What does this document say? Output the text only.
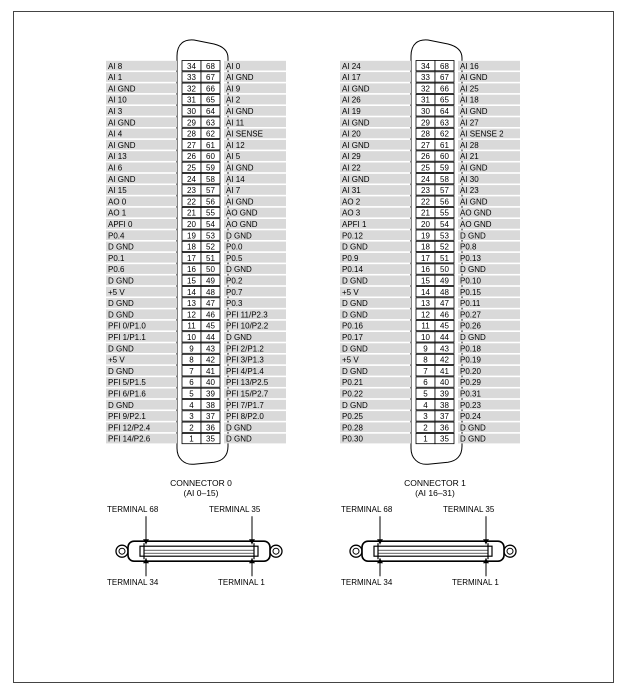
AI 8	34 68 AI 0
AI 1	33 67 AI GND
AI GND	32 66 AI 9
AI 10	31 65 AI 2
AI 3	30 64 AI GND
AI GND	29 63 AI 11
AI 4	28 62 AI SENSE
AI GND	27 61 AI 12
AI 13	26 60 AI 5
AI 6	25 59 AI GND
AI GND	24 58 AI 14
AI 15	23 57 AI 7
AO 0	22 56 AI GND
AO 1	21 55 AO GND
APFI 0	20 54 AO GND
P0.4	19 53 D GND
D GND	18 52 P0.0
P0.1	17 51 P0.5
P0.6	16 50 D GND
D GND	15 49 P0.2
+5 V	14 48 P0.7
D GND	13 47 P0.3
D GND	12 46 PFI 11/P2.3
PFI 0/P1.0	11 45 PFI 10/P2.2
PFI 1/P1.1	10 44 D GND
D GND	9 43 PFI 2/P1.2
+5 V	8 42 PFI 3/P1.3
D GND	7 41 PFI 4/P1.4
PFI 5/P1.5	6 40 PFI 13/P2.5
PFI 6/P1.6	5 39 PFI 15/P2.7
D GND	4 38 PFI 7/P1.7
PFI 9/P2.1	3 37 PFI 8/P2.0
PFI 12/P2.4	2 36 D GND
PFI 14/P2.6	1 35 D GND
CONNECTOR 0
(AI 0–15)
TERMINAL 68	TERMINAL 35
TERMINAL 34	TERMINAL 1
AI 24	34 68 AI 16
AI 17	33 67 AI GND
AI GND	32 66 AI 25
AI 26	31 65 AI 18
AI 19	30 64 AI GND
AI GND	29 63 AI 27
AI 20	28 62 AI SENSE 2
AI GND	27 61 AI 28
AI 29	26 60 AI 21
AI 22	25 59 AI GND
AI GND	24 58 AI 30
AI 31	23 57 AI 23
AO 2	22 56 AI GND
AO 3	21 55 AO GND
APFI 1	20 54 AO GND
P0.12	19 53 D GND
D GND	18 52 P0.8
P0.9	17 51 P0.13
P0.14	16 50 D GND
D GND	15 49 P0.10
+5 V	14 48 P0.15
D GND	13 47 P0.11
D GND	12 46 P0.27
P0.16	11 45 P0.26
P0.17	10 44 D GND
D GND	9 43 P0.18
+5 V	8 42 P0.19
D GND	7 41 P0.20
P0.21	6 40 P0.29
P0.22	5 39 P0.31
D GND	4 38 P0.23
P0.25	3 37 P0.24
P0.28	2 36 D GND
P0.30	1 35 D GND
CONNECTOR 1
(AI 16–31)
TERMINAL 68	TERMINAL 35
TERMINAL 34	TERMINAL 1
